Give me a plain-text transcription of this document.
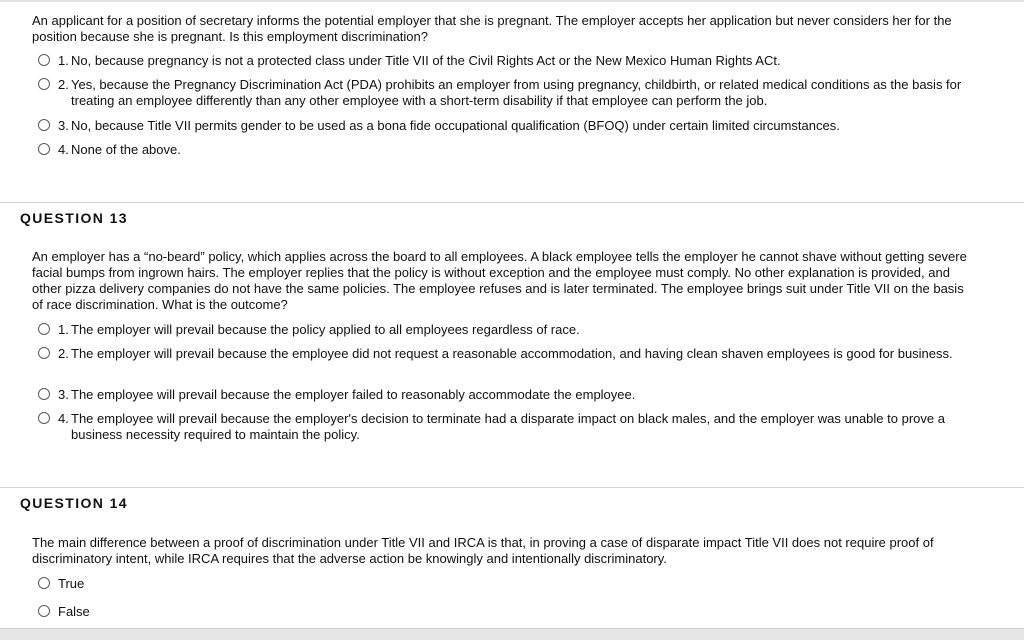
An applicant for a position of secretary informs the potential employer that she is pregnant. The employer accepts her application but never considers her for the position because she is pregnant. Is this employment discrimination?

1. No, because pregnancy is not a protected class under Title VII of the Civil Rights Act or the New Mexico Human Rights ACt.
2. Yes, because the Pregnancy Discrimination Act (PDA) prohibits an employer from using pregnancy, childbirth, or related medical conditions as the basis for treating an employee differently than any other employee with a short-term disability if that employee can perform the job.
3. No, because Title VII permits gender to be used as a bona fide occupational qualification (BFOQ) under certain limited circumstances.
4. None of the above.
QUESTION 13

An employer has a “no-beard” policy, which applies across the board to all employees. A black employee tells the employer he cannot shave without getting severe facial bumps from ingrown hairs. The employer replies that the policy is without exception and the employee must comply. No other explanation is provided, and other pizza delivery companies do not have the same policies. The employee refuses and is later terminated. The employee brings suit under Title VII on the basis of race discrimination. What is the outcome?

1. The employer will prevail because the policy applied to all employees regardless of race.
2. The employer will prevail because the employee did not request a reasonable accommodation, and having clean shaven employees is good for business.
3. The employee will prevail because the employer failed to reasonably accommodate the employee.
4. The employee will prevail because the employer's decision to terminate had a disparate impact on black males, and the employer was unable to prove a business necessity required to maintain the policy.
QUESTION 14

The main difference between a proof of discrimination under Title VII and IRCA is that, in proving a case of disparate impact Title VII does not require proof of discriminatory intent, while IRCA requires that the adverse action be knowingly and intentionally discriminatory.

True
False
